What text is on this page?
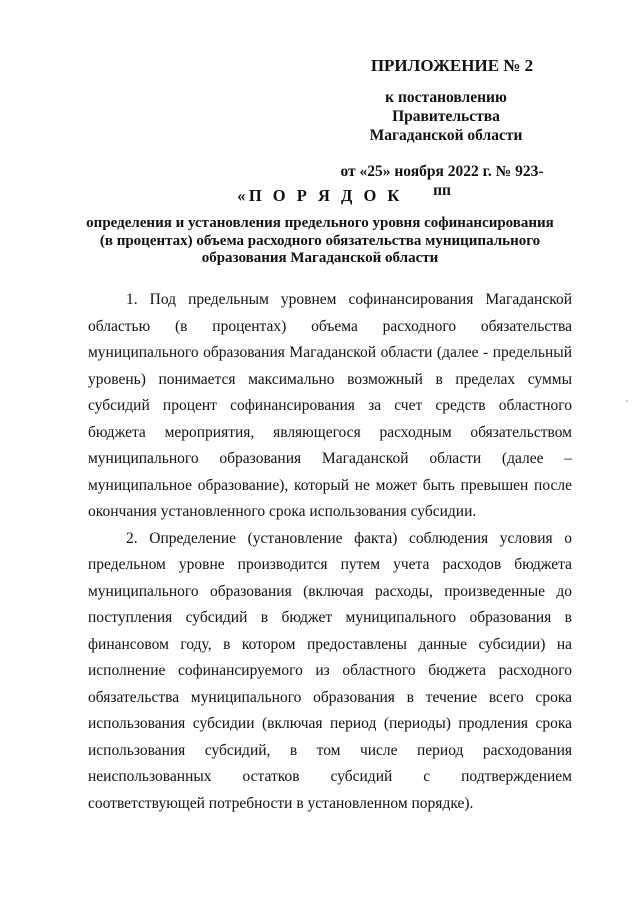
ПРИЛОЖЕНИЕ № 2
к постановлению Правительства
Магаданской области
от «25» ноября 2022 г. № 923-пп
«П О Р Я Д О К
определения и установления предельного уровня софинансирования
(в процентах) объема расходного обязательства муниципального
образования Магаданской области

1. Под предельным уровнем софинансирования Магаданской областью (в процентах) объема расходного обязательства муниципального образования Магаданской области (далее - предельный уровень) понимается максимально возможный в пределах суммы субсидий процент софинансирования за счет средств областного бюджета мероприятия, являющегося расходным обязательством муниципального образования Магаданской области (далее –муниципальное образование), который не может быть превышен после окончания установленного срока использования субсидии.

2. Определение (установление факта) соблюдения условия о предельном уровне производится путем учета расходов бюджета муниципального образования (включая расходы, произведенные до поступления субсидий в бюджет муниципального образования в финансовом году, в котором предоставлены данные субсидии) на исполнение софинансируемого из областного бюджета расходного обязательства муниципального образования в течение всего срока использования субсидии (включая период (периоды) продления срока использования субсидий, в том числе период расходования неиспользованных остатков субсидий с подтверждением соответствующей потребности в установленном порядке).
